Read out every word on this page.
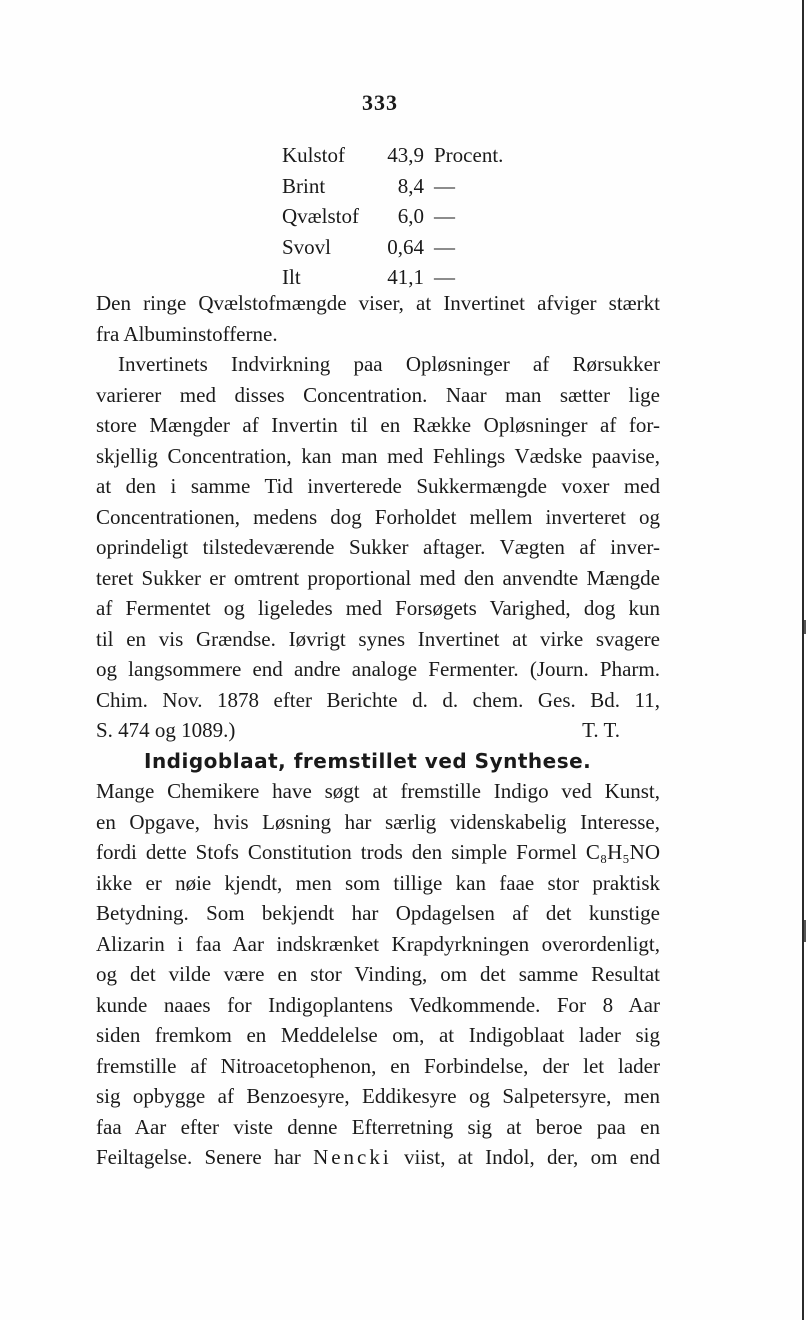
333
Kulstof	43,9 Procent.
Brint	8,4 —
Qvælstof	6,0 —
Svovl	0,64 —
Ilt	41,1 —
Den ringe Qvælstofmængde viser, at Invertinet afviger stærkt
fra Albuminstofferne.
Invertinets Indvirkning paa Opløsninger af Rørsukker
varierer med disses Concentration. Naar man sætter lige
store Mængder af Invertin til en Række Opløsninger af for-
skjellig Concentration, kan man med Fehlings Vædske paavise,
at den i samme Tid inverterede Sukkermængde voxer med
Concentrationen, medens dog Forholdet mellem inverteret og
oprindeligt tilstedeværende Sukker aftager. Vægten af inver-
teret Sukker er omtrent proportional med den anvendte Mængde
af Fermentet og ligeledes med Forsøgets Varighed, dog kun
til en vis Grændse. Iøvrigt synes Invertinet at virke svagere
og langsommere end andre analoge Fermenter. (Journ. Pharm.
Chim. Nov. 1878 efter Berichte d. d. chem. Ges. Bd. 11,
S. 474 og 1089.)	T. T.
Indigoblaat, fremstillet ved Synthese.
Mange Chemikere have søgt at fremstille Indigo ved Kunst,
en Opgave, hvis Løsning har særlig videnskabelig Interesse,
fordi dette Stofs Constitution trods den simple Formel C₈H₅NO
ikke er nøie kjendt, men som tillige kan faae stor praktisk
Betydning. Som bekjendt har Opdagelsen af det kunstige
Alizarin i faa Aar indskrænket Krapdyrkningen overordenligt,
og det vilde være en stor Vinding, om det samme Resultat
kunde naaes for Indigoplantens Vedkommende. For 8 Aar
siden fremkom en Meddelelse om, at Indigoblaat lader sig
fremstille af Nitroacetophenon, en Forbindelse, der let lader
sig opbygge af Benzoesyre, Eddikesyre og Salpetersyre, men
faa Aar efter viste denne Efterretning sig at beroe paa en
Feiltagelse. Senere har Nencki viist, at Indol, der, om end
